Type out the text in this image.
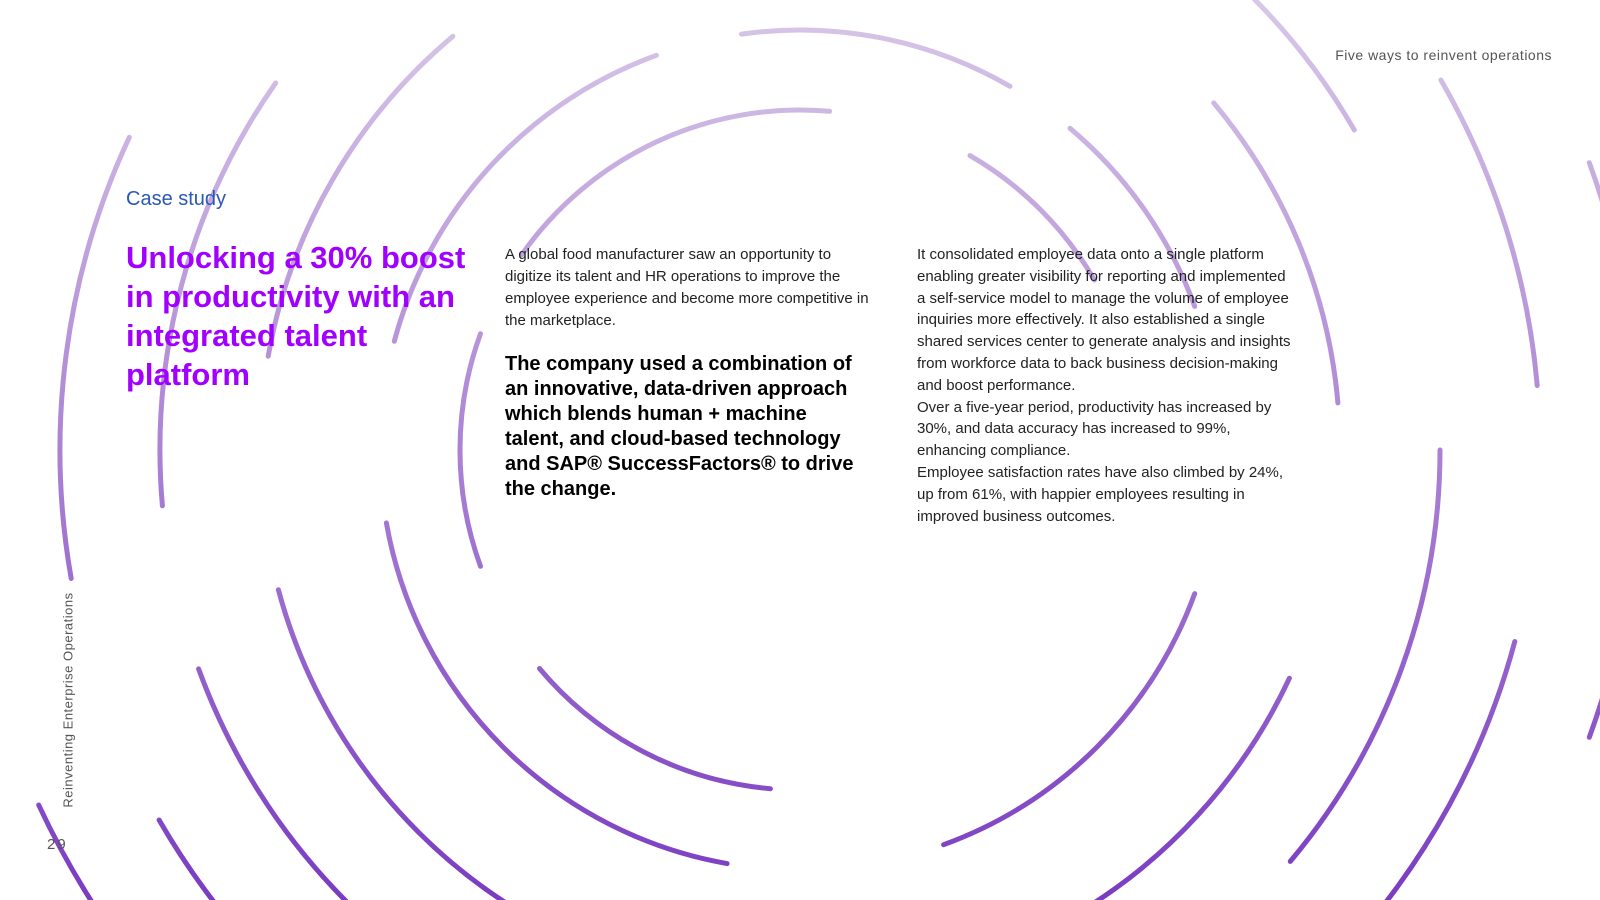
Five ways to reinvent operations
Case study
Unlocking a 30% boost in productivity with an integrated talent platform

A global food manufacturer saw an opportunity to digitize its talent and HR operations to improve the employee experience and become more competitive in the marketplace.

The company used a combination of an innovative, data-driven approach which blends human + machine talent, and cloud-based technology and SAP® SuccessFactors® to drive the change.

It consolidated employee data onto a single platform enabling greater visibility for reporting and implemented a self-service model to manage the volume of employee inquiries more effectively. It also established a single shared services center to generate analysis and insights from workforce data to back business decision-making and boost performance.

Over a five-year period, productivity has increased by 30%, and data accuracy has increased to 99%, enhancing compliance.

Employee satisfaction rates have also climbed by 24%, up from 61%, with happier employees resulting in improved business outcomes.

Reinventing Enterprise Operations
29
